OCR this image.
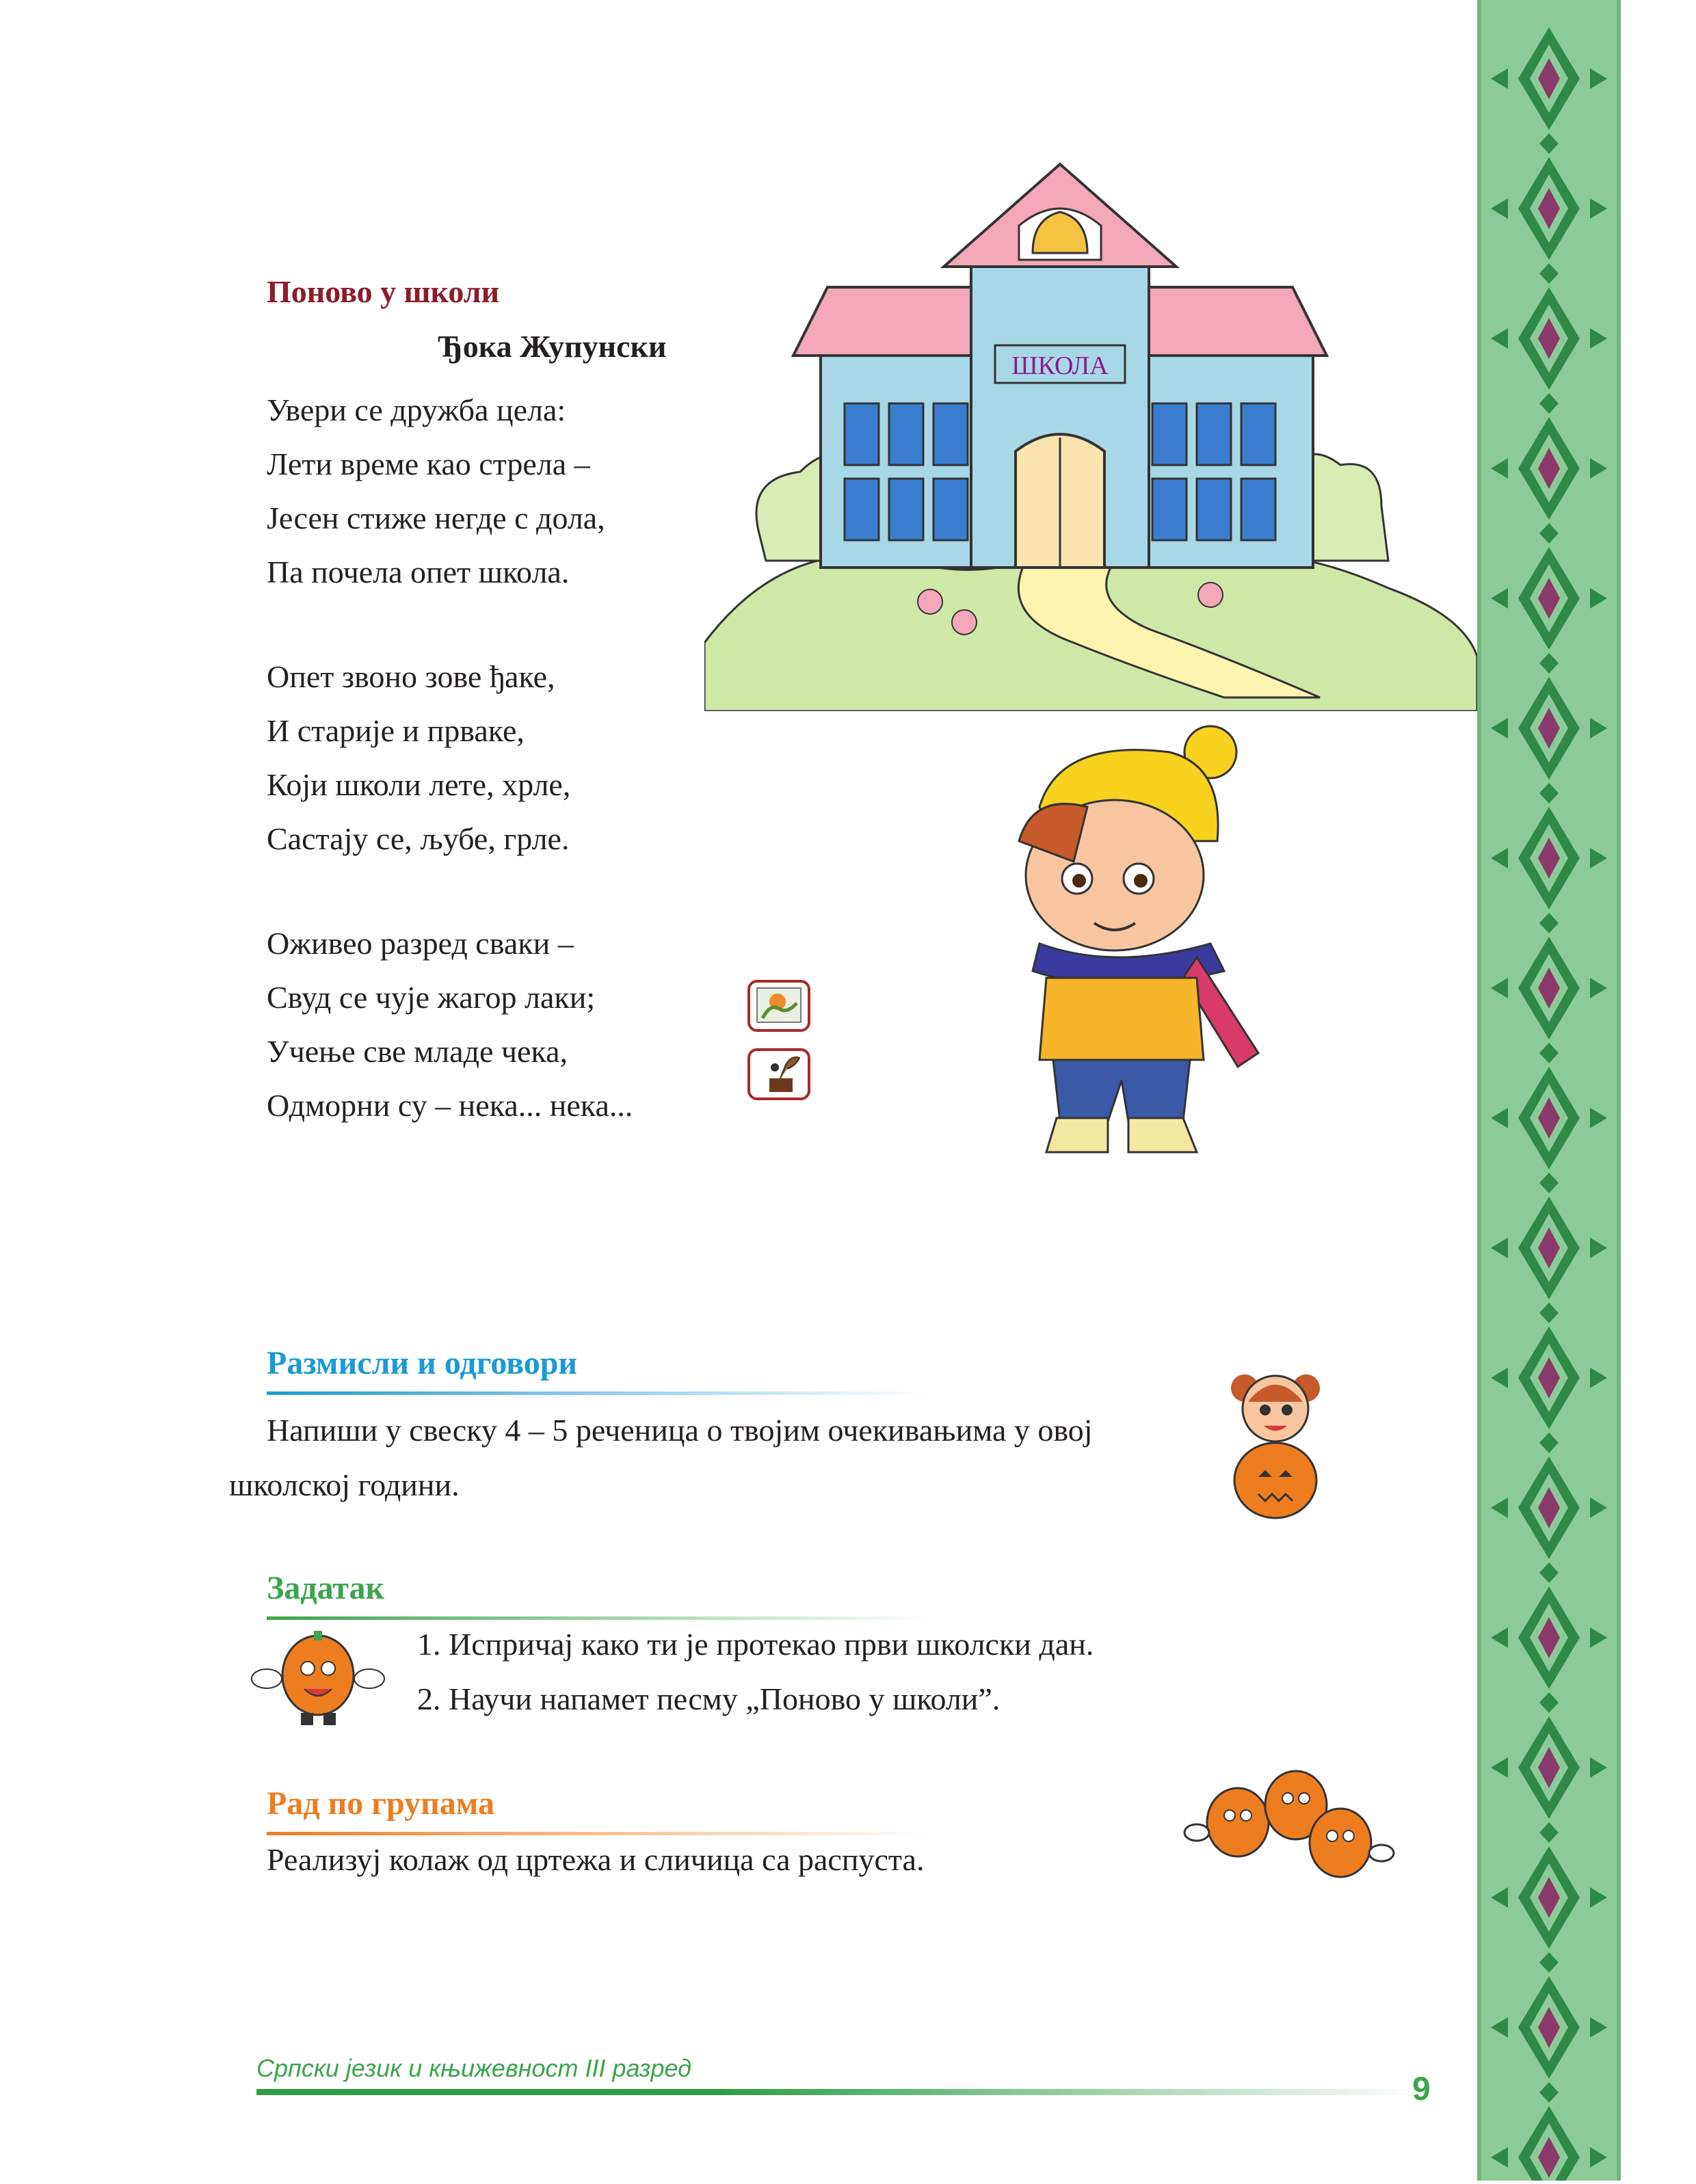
Поново у школи
Ђока Жупунски
Увери се дружба цела:
Лети време као стрела –
Јесен стиже негде с дола,
Па почела опет школа.
Опет звоно зове ђаке,
И старије и прваке,
Који школи лете, хрле,
Састају се, љубе, грле.
Оживео разред сваки –
Свуд се чује жагор лаки;
Учење све младе чека,
Одморни су – нека... нека...
ШКОЛА
Размисли и одговори
Напиши у свеску 4 – 5 реченица о твојим очекивањима у овој
школској години.
Задатак
1. Испричај како ти је протекао први школски дан.
2. Научи напамет песму „Поново у школи”.
Рад по групама
Реализуј колаж од цртежа и сличица са распуста.
Српски језик и књижевност III разред
9
